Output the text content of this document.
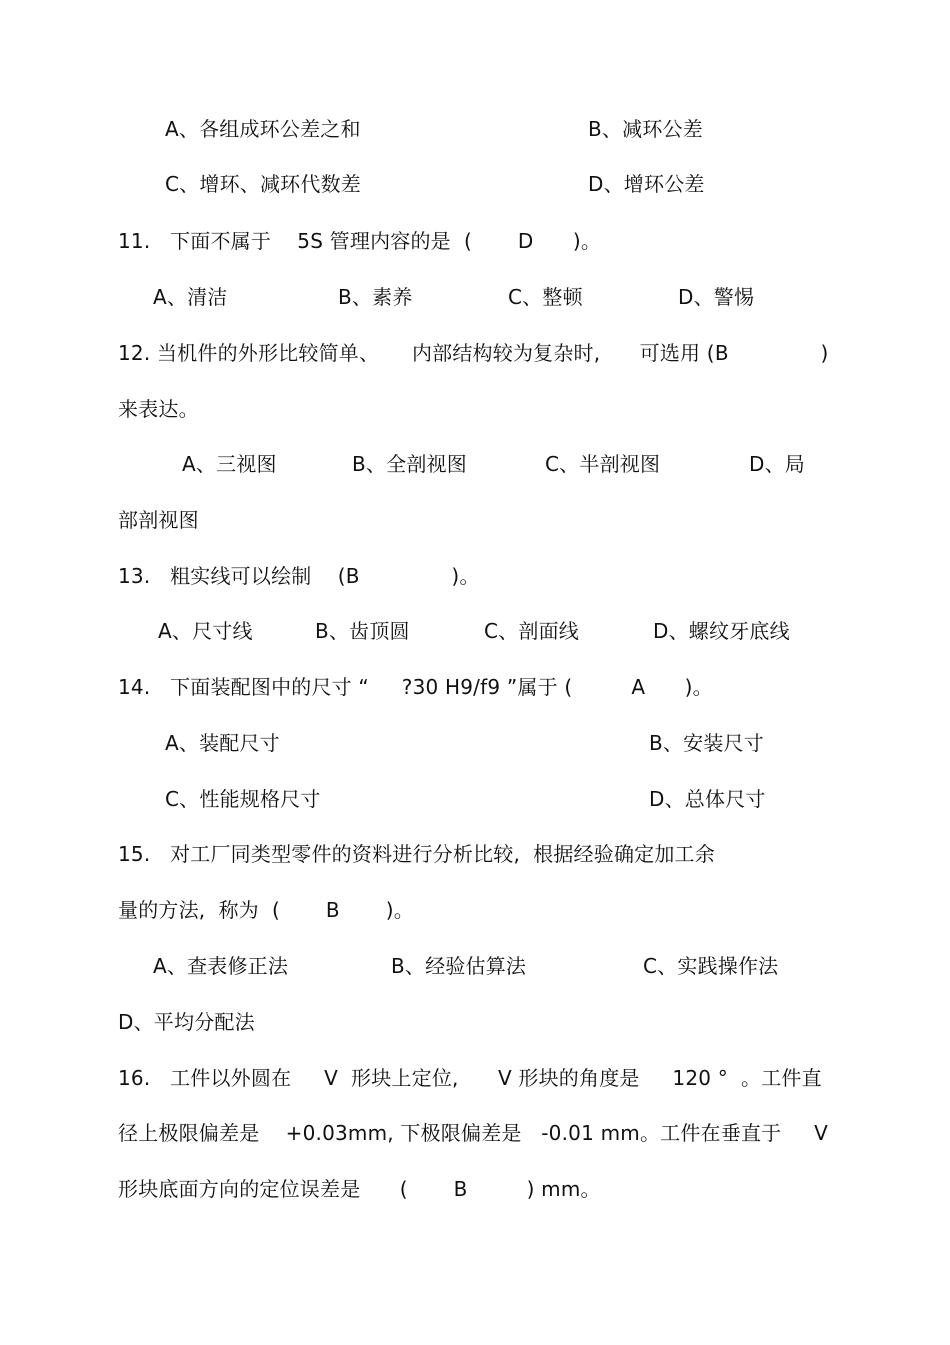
A、各组成环公差之和	B、减环公差
C、增环、减环代数差	D、增环公差
11.   下面不属于    5S 管理内容的是  (       D      )。
A、清洁	B、素养	C、整顿	D、警惕
12. 当机件的外形比较简单、     内部结构较为复杂时,      可选用 (B              )
来表达。
A、三视图	B、全剖视图	C、半剖视图	D、局
部剖视图
13.   粗实线可以绘制    (B              )。
A、尺寸线	B、齿顶圆	C、剖面线	D、螺纹牙底线
14.   下面装配图中的尺寸 “     ?30 H9/f9 ”属于 (         A      )。
A、装配尺寸	B、安装尺寸
C、性能规格尺寸	D、总体尺寸
15.   对工厂同类型零件的资料进行分析比较,  根据经验确定加工余
量的方法,  称为  (       B       )。
A、查表修正法	B、经验估算法	C、实践操作法
D、平均分配法
16.   工件以外圆在     V  形块上定位,      V 形块的角度是     120 °  。工件直
径上极限偏差是    +0.03mm, 下极限偏差是   -0.01 mm。工件在垂直于     V
形块底面方向的定位误差是      (       B         ) mm。
